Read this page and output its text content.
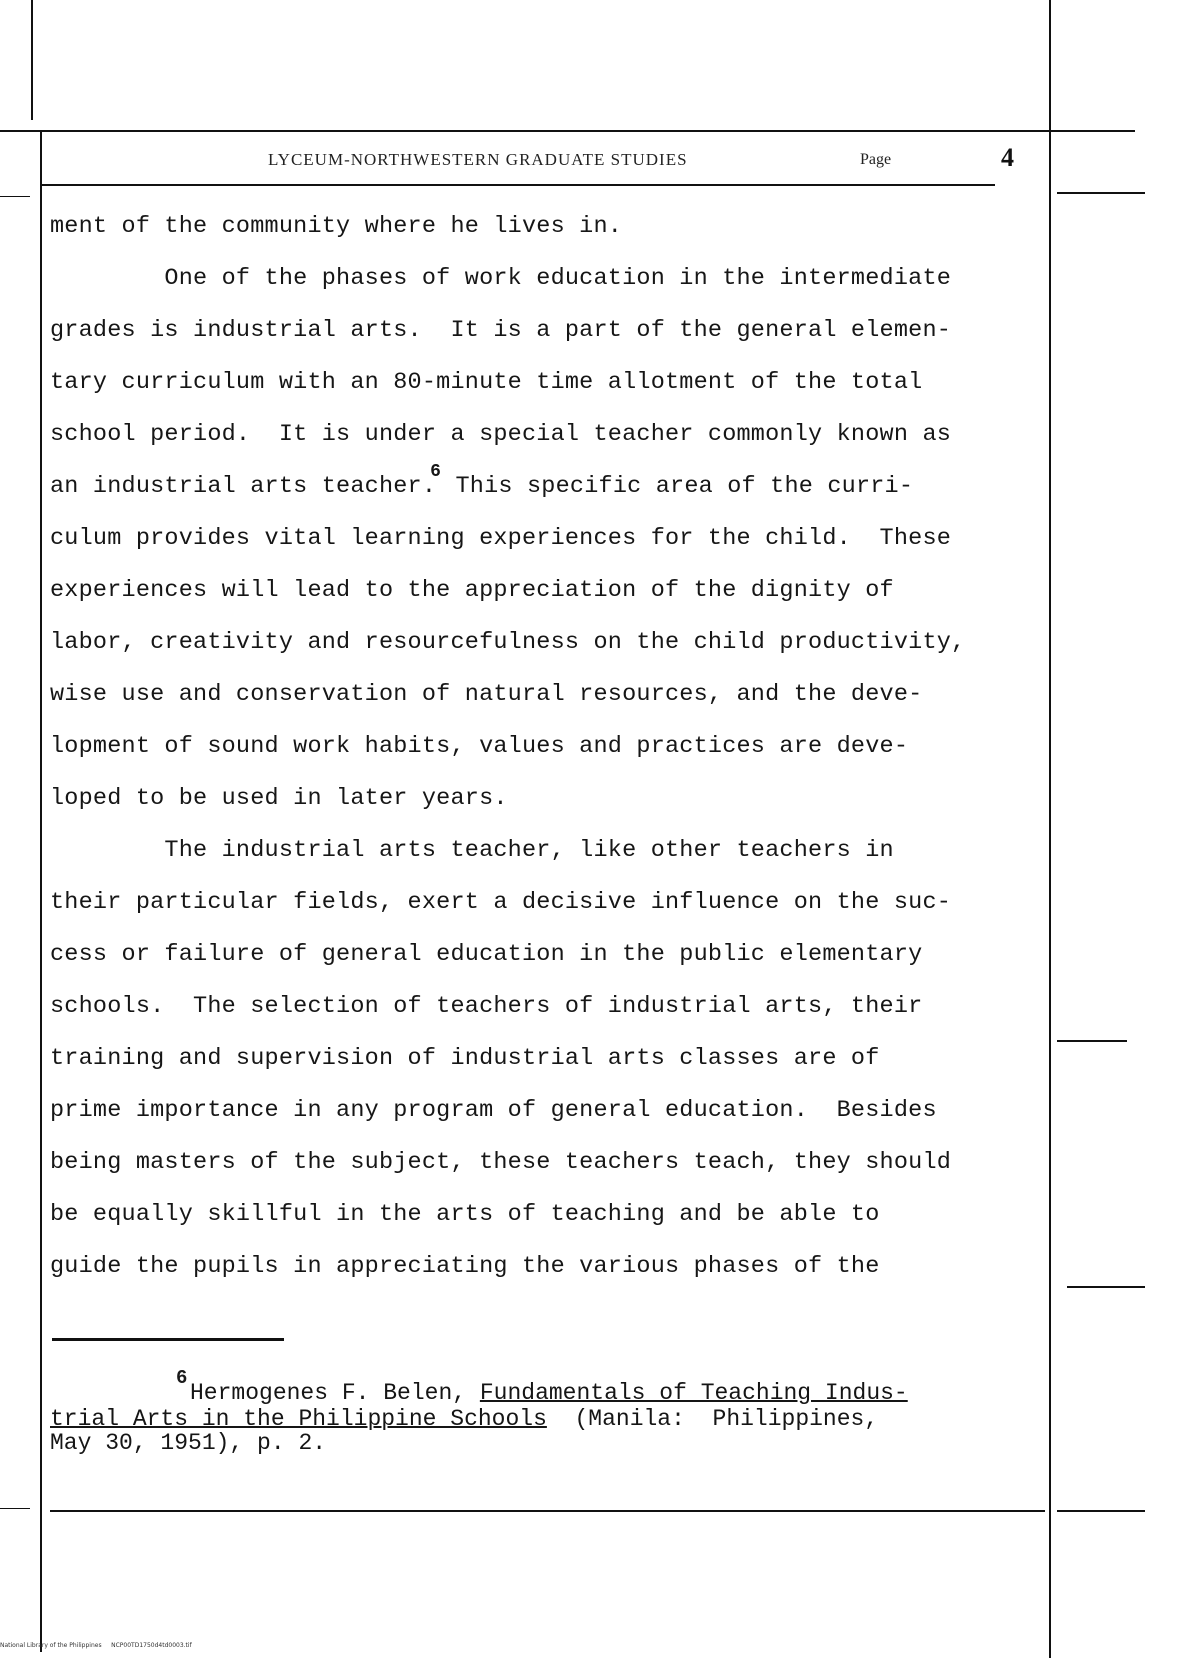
LYCEUM-NORTHWESTERN GRADUATE STUDIES	Page	4
ment of the community where he lives in.
One of the phases of work education in the intermediate
grades is industrial arts.  It is a part of the general elemen-
tary curriculum with an 80-minute time allotment of the total
school period.  It is under a special teacher commonly known as
an industrial arts teacher.$^6$ This specific area of the curri-
culum provides vital learning experiences for the child.  These
experiences will lead to the appreciation of the dignity of
labor, creativity and resourcefulness on the child productivity,
wise use and conservation of natural resources, and the deve-
lopment of sound work habits, values and practices are deve-
loped to be used in later years.
The industrial arts teacher, like other teachers in
their particular fields, exert a decisive influence on the suc-
cess or failure of general education in the public elementary
schools.  The selection of teachers of industrial arts, their
training and supervision of industrial arts classes are of
prime importance in any program of general education.  Besides
being masters of the subject, these teachers teach, they should
be equally skillful in the arts of teaching and be able to
guide the pupils in appreciating the various phases of the
6
Hermogenes F. Belen, Fundamentals of Teaching Indus-
trial Arts in the Philippine Schools  (Manila:  Philippines,
May 30, 1951), p. 2.
National Library of the Philippines     NCP00TD1750d4td0003.tif
